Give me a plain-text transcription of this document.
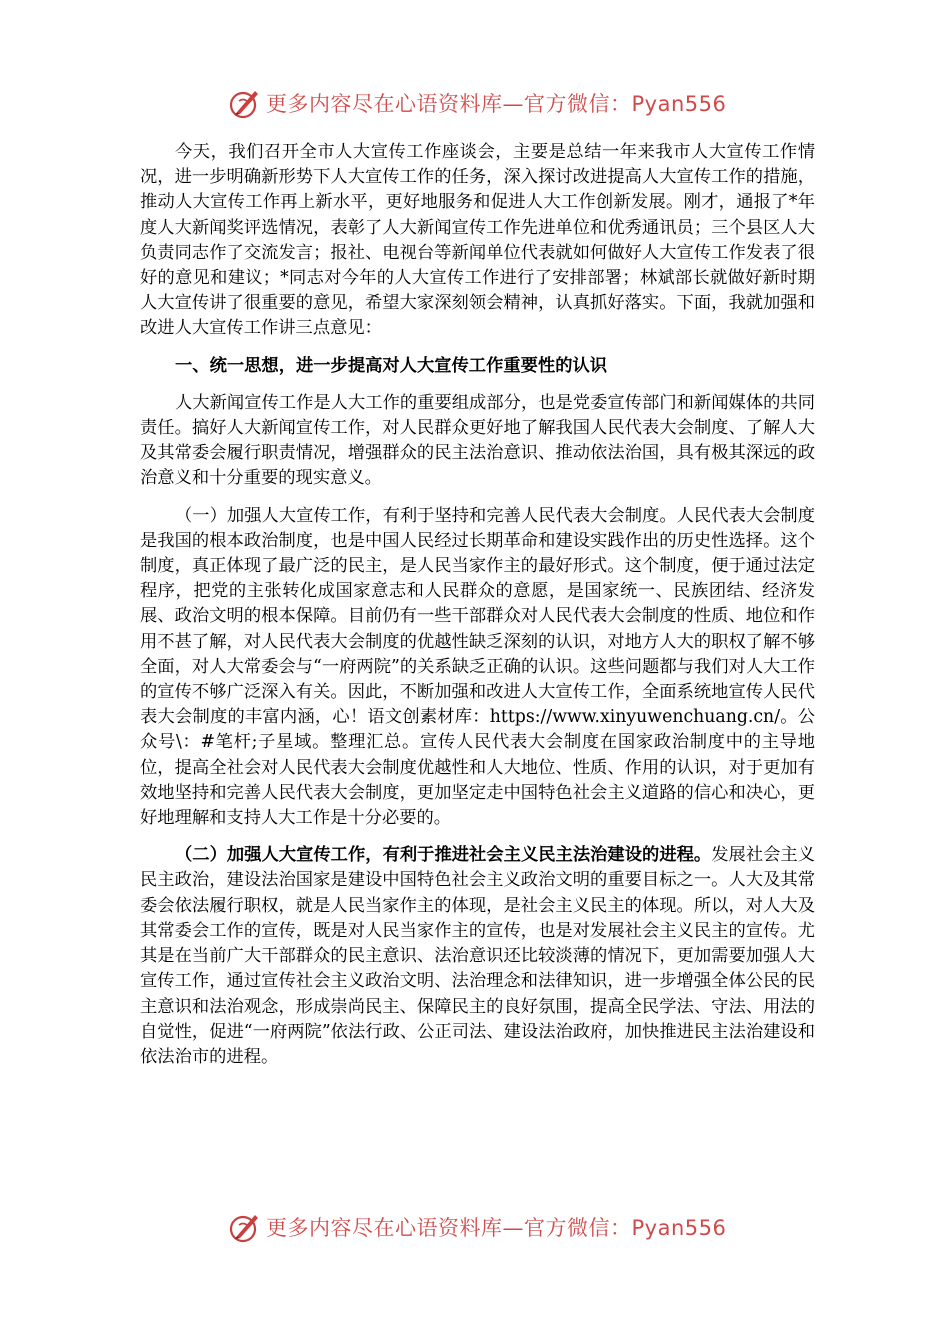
更多内容尽在心语资料库—官方微信：Pyan556

今天，我们召开全市人大宣传工作座谈会，主要是总结一年来我市人大宣传工作情况，进一步明确新形势下人大宣传工作的任务，深入探讨改进提高人大宣传工作的措施，推动人大宣传工作再上新水平，更好地服务和促进人大工作创新发展。刚才，通报了*年度人大新闻奖评选情况，表彰了人大新闻宣传工作先进单位和优秀通讯员；三个县区人大负责同志作了交流发言；报社、电视台等新闻单位代表就如何做好人大宣传工作发表了很好的意见和建议；*同志对今年的人大宣传工作进行了安排部署；林斌部长就做好新时期人大宣传讲了很重要的意见，希望大家深刻领会精神，认真抓好落实。下面，我就加强和改进人大宣传工作讲三点意见：

一、统一思想，进一步提高对人大宣传工作重要性的认识

人大新闻宣传工作是人大工作的重要组成部分，也是党委宣传部门和新闻媒体的共同责任。搞好人大新闻宣传工作，对人民群众更好地了解我国人民代表大会制度、了解人大及其常委会履行职责情况，增强群众的民主法治意识、推动依法治国，具有极其深远的政治意义和十分重要的现实意义。

（一）加强人大宣传工作，有利于坚持和完善人民代表大会制度。人民代表大会制度是我国的根本政治制度，也是中国人民经过长期革命和建设实践作出的历史性选择。这个制度，真正体现了最广泛的民主，是人民当家作主的最好形式。这个制度，便于通过法定程序，把党的主张转化成国家意志和人民群众的意愿，是国家统一、民族团结、经济发展、政治文明的根本保障。目前仍有一些干部群众对人民代表大会制度的性质、地位和作用不甚了解，对人民代表大会制度的优越性缺乏深刻的认识，对地方人大的职权了解不够全面，对人大常委会与“一府两院”的关系缺乏正确的认识。这些问题都与我们对人大工作的宣传不够广泛深入有关。因此，不断加强和改进人大宣传工作，全面系统地宣传人民代表大会制度的丰富内涵，心！语文创素材库：https://www.xinyuwenchuang.cn/。公众号\：#笔杆;子星域。整理汇总。宣传人民代表大会制度在国家政治制度中的主导地位，提高全社会对人民代表大会制度优越性和人大地位、性质、作用的认识，对于更加有效地坚持和完善人民代表大会制度，更加坚定走中国特色社会主义道路的信心和决心，更好地理解和支持人大工作是十分必要的。

（二）加强人大宣传工作，有利于推进社会主义民主法治建设的进程。发展社会主义民主政治，建设法治国家是建设中国特色社会主义政治文明的重要目标之一。人大及其常委会依法履行职权，就是人民当家作主的体现，是社会主义民主的体现。所以，对人大及其常委会工作的宣传，既是对人民当家作主的宣传，也是对发展社会主义民主的宣传。尤其是在当前广大干部群众的民主意识、法治意识还比较淡薄的情况下，更加需要加强人大宣传工作，通过宣传社会主义政治文明、法治理念和法律知识，进一步增强全体公民的民主意识和法治观念，形成崇尚民主、保障民主的良好氛围，提高全民学法、守法、用法的自觉性，促进“一府两院”依法行政、公正司法、建设法治政府，加快推进民主法治建设和依法治市的进程。

更多内容尽在心语资料库—官方微信：Pyan556
